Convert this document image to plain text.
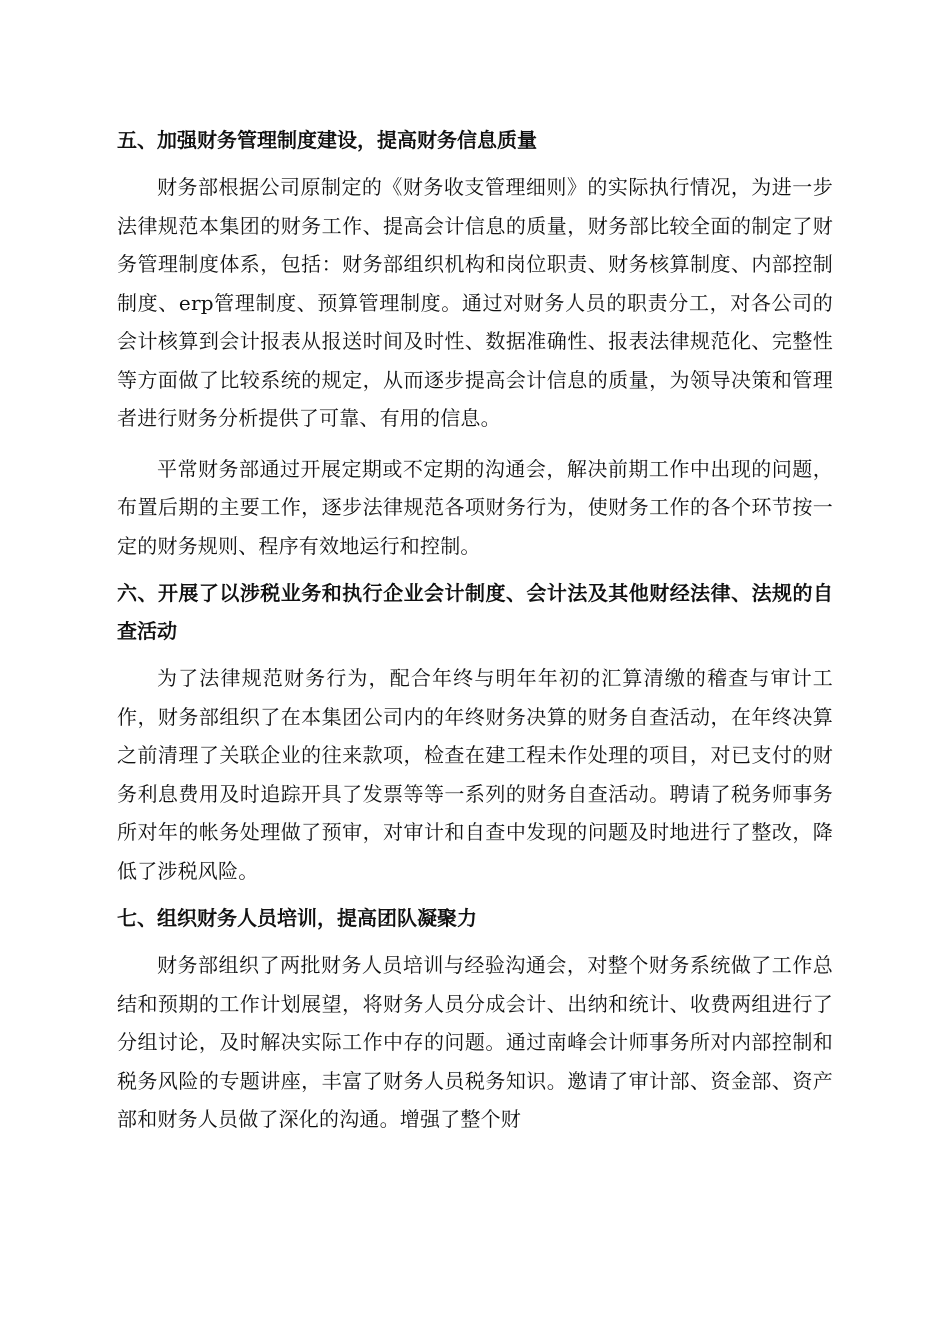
五、加强财务管理制度建设，提高财务信息质量

财务部根据公司原制定的《财务收支管理细则》的实际执行情况，为进一步法律规范本集团的财务工作、提高会计信息的质量，财务部比较全面的制定了财务管理制度体系，包括：财务部组织机构和岗位职责、财务核算制度、内部控制制度、erp管理制度、预算管理制度。通过对财务人员的职责分工，对各公司的会计核算到会计报表从报送时间及时性、数据准确性、报表法律规范化、完整性等方面做了比较系统的规定，从而逐步提高会计信息的质量，为领导决策和管理者进行财务分析提供了可靠、有用的信息。

平常财务部通过开展定期或不定期的沟通会，解决前期工作中出现的问题，布置后期的主要工作，逐步法律规范各项财务行为，使财务工作的各个环节按一定的财务规则、程序有效地运行和控制。

六、开展了以涉税业务和执行企业会计制度、会计法及其他财经法律、法规的自查活动

为了法律规范财务行为，配合年终与明年年初的汇算清缴的稽查与审计工作，财务部组织了在本集团公司内的年终财务决算的财务自查活动，在年终决算之前清理了关联企业的往来款项，检查在建工程未作处理的项目，对已支付的财务利息费用及时追踪开具了发票等等一系列的财务自查活动。聘请了税务师事务所对年的帐务处理做了预审，对审计和自查中发现的问题及时地进行了整改，降低了涉税风险。

七、组织财务人员培训，提高团队凝聚力

财务部组织了两批财务人员培训与经验沟通会，对整个财务系统做了工作总结和预期的工作计划展望，将财务人员分成会计、出纳和统计、收费两组进行了分组讨论，及时解决实际工作中存的问题。通过南峰会计师事务所对内部控制和税务风险的专题讲座，丰富了财务人员税务知识。邀请了审计部、资金部、资产部和财务人员做了深化的沟通。增强了整个财
